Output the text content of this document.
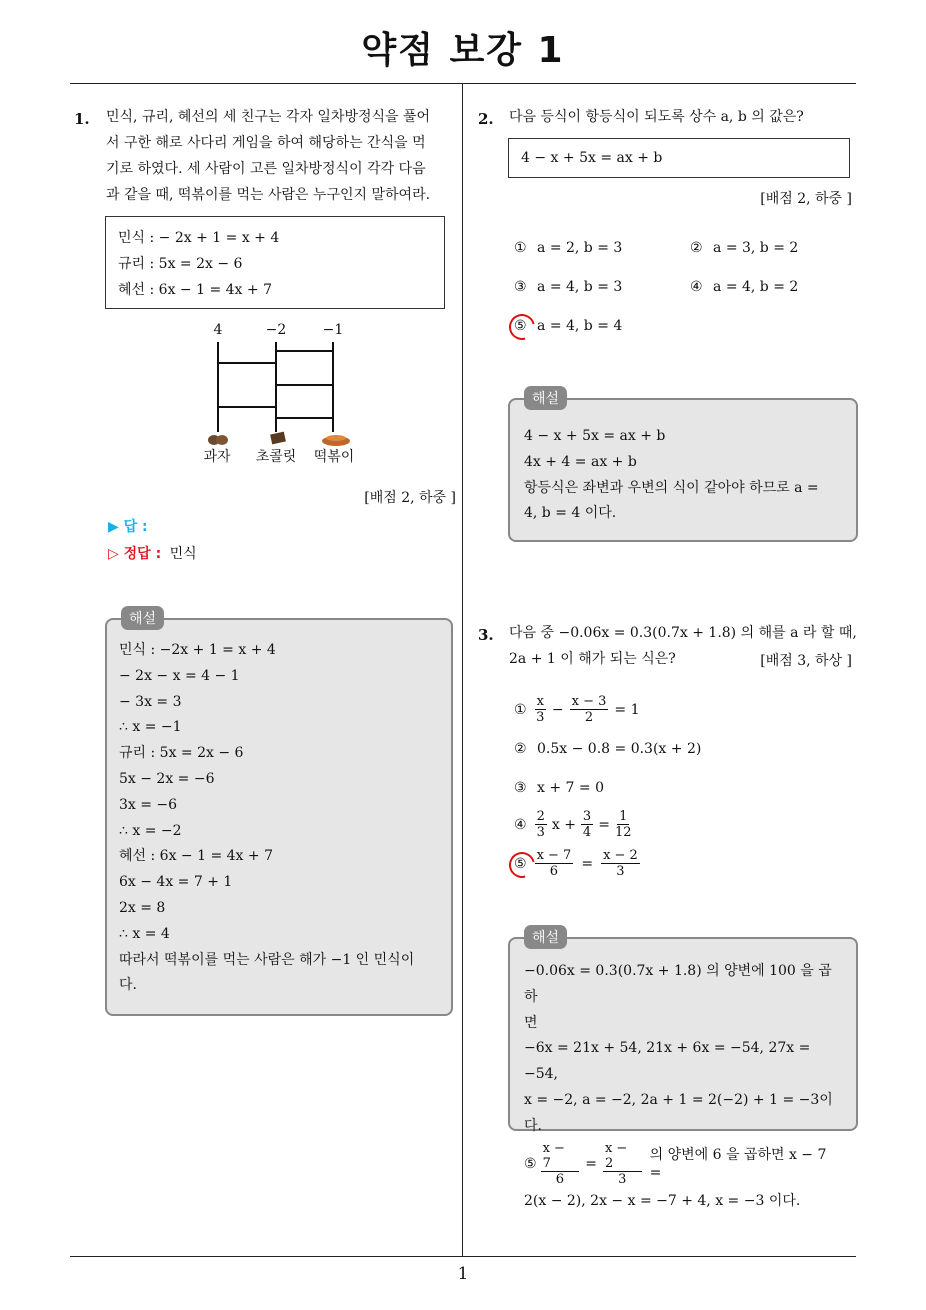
약점 보강 1
1
1. 민식, 규리, 혜선의 세 친구는 각자 일차방정식을 풀어
서 구한 해로 사다리 게임을 하여 해당하는 간식을 먹
기로 하였다. 세 사람이 고른 일차방정식이 각각 다음
과 같을 때, 떡볶이를 먹는 사람은 누구인지 말하여라.
민식 : − 2x + 1 = x + 4
규리 : 5x = 2x − 6
혜선 : 6x − 1 = 4x + 7
4	−2	−1
과자	초콜릿	떡볶이
[배점 2, 하중 ]
▶ 답 :
▷ 정답 : 민식
해설
민식 : −2x + 1 = x + 4
− 2x − x = 4 − 1
− 3x = 3
∴ x = −1
규리 : 5x = 2x − 6
5x − 2x = −6
3x = −6
∴ x = −2
혜선 : 6x − 1 = 4x + 7
6x − 4x = 7 + 1
2x = 8
∴ x = 4
따라서 떡볶이를 먹는 사람은 해가 −1 인 민식이
다.
2. 다음 등식이 항등식이 되도록 상수 a, b 의 값은?
4 − x + 5x = ax + b
[배점 2, 하중 ]
① a = 2, b = 3	② a = 3, b = 2
③ a = 4, b = 3	④ a = 4, b = 2
⑤ a = 4, b = 4
해설
4 − x + 5x = ax + b
4x + 4 = ax + b
항등식은 좌변과 우변의 식이 같아야 하므로 a =
4, b = 4 이다.
3. 다음 중 −0.06x = 0.3(0.7x + 1.8) 의 해를 a 라 할 때,
2a + 1 이 해가 되는 식은?	[배점 3, 하상 ]
① $\frac{x}{3} - \frac{x - 3}{2} = 1$
② 0.5x − 0.8 = 0.3(x + 2)
③ x + 7 = 0
④ $\frac{2}{3}$ $x + \frac{3}{4} = \frac{1}{12}$
⑤ $\frac{x - 7}{6} = \frac{x - 2}{3}$
해설
−0.06x = 0.3(0.7x + 1.8) 의 양변에 100 을 곱하
면
−6x = 21x + 54, 21x + 6x = −54, 27x = −54,
x = −2, a = −2, 2a + 1 = 2(−2) + 1 = −3이다.
⑤ $\frac{x - 7}{6} = \frac{x - 2}{3}$ 의 양변에 6 을 곱하면 x − 7 =
2(x − 2), 2x − x = −7 + 4, x = −3 이다.
